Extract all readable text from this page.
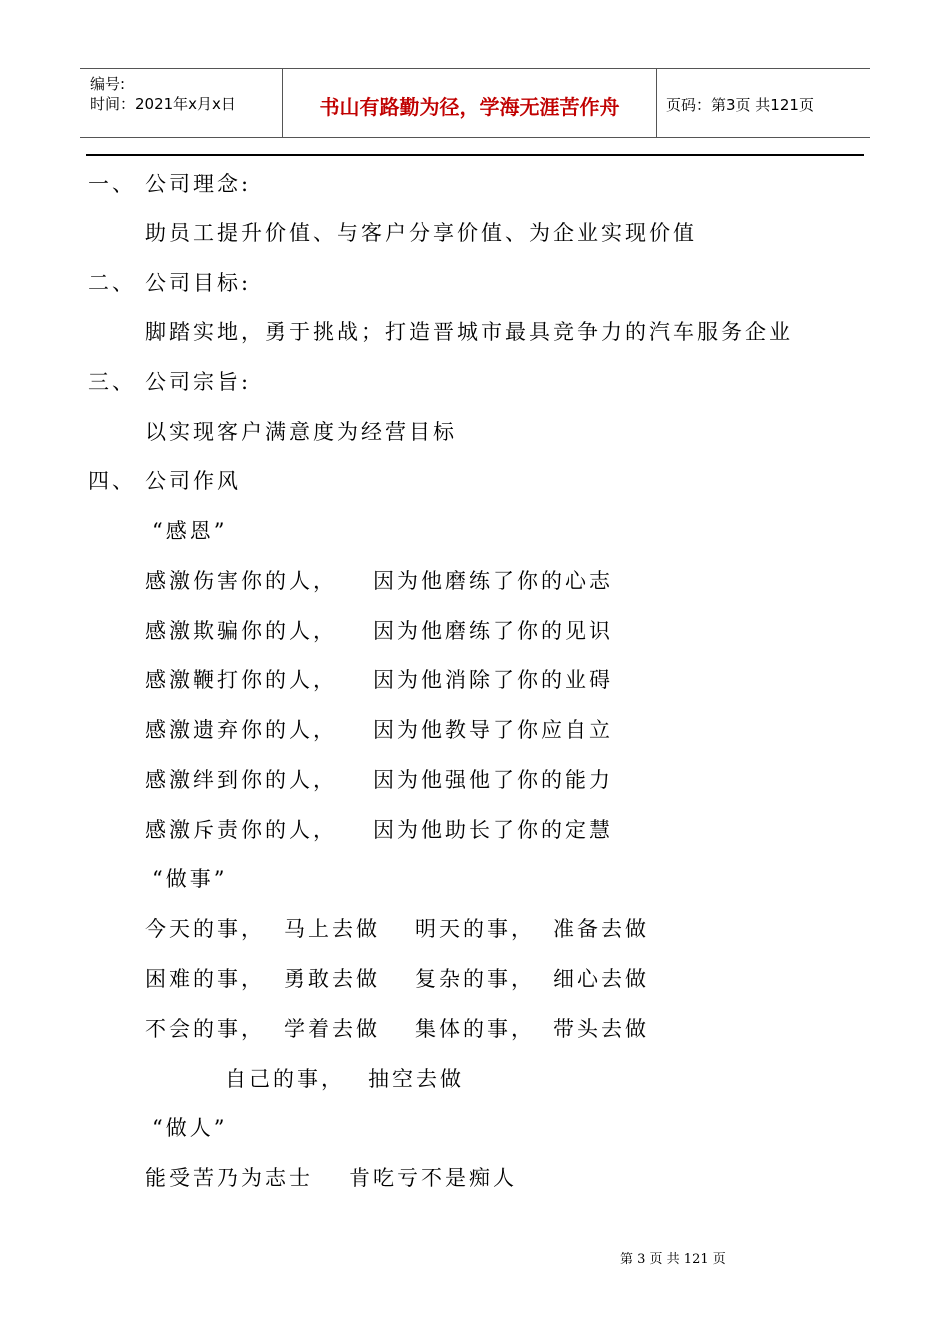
编号:
时间：2021年x月x日	书山有路勤为径，学海无涯苦作舟	页码：第3页 共121页
一、 公司理念:
助员工提升价值、与客户分享价值、为企业实现价值
二、 公司目标:
脚踏实地，勇于挑战；打造晋城市最具竞争力的汽车服务企业
三、 公司宗旨:
以实现客户满意度为经营目标
四、 公司作风
“感恩”
感激伤害你的人， 因为他磨练了你的心志
感激欺骗你的人， 因为他磨练了你的见识
感激鞭打你的人， 因为他消除了你的业碍
感激遗弃你的人， 因为他教导了你应自立
感激绊到你的人， 因为他强他了你的能力
感激斥责你的人， 因为他助长了你的定慧
“做事”
今天的事， 马上去做 明天的事， 准备去做
困难的事， 勇敢去做 复杂的事， 细心去做
不会的事， 学着去做 集体的事， 带头去做
自己的事， 抽空去做
“做人”
能受苦乃为志士 肯吃亏不是痴人
第 3 页 共 121 页
